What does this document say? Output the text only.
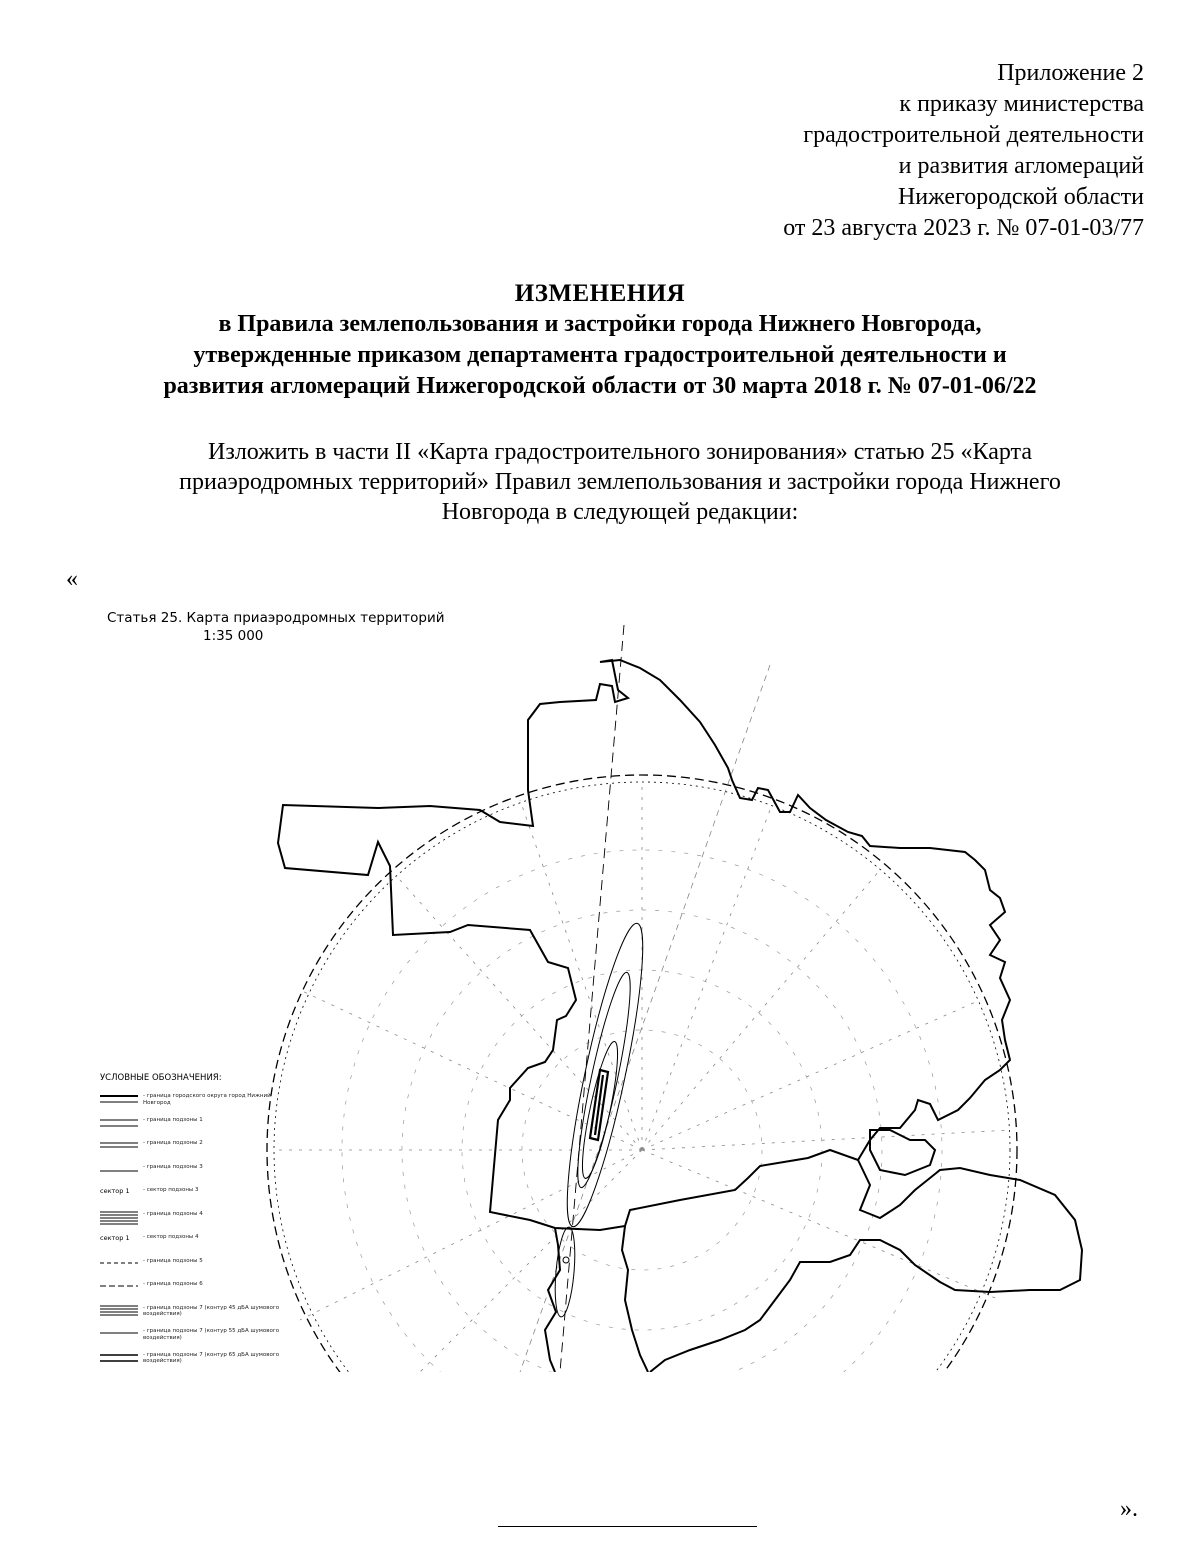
Приложение 2
к приказу министерства
градостроительной деятельности
и развития агломераций
Нижегородской области
от 23 августа 2023 г. № 07-01-03/77
ИЗМЕНЕНИЯ
в Правила землепользования и застройки города Нижнего Новгорода,
утвержденные приказом департамента градостроительной деятельности и
развития агломераций Нижегородской области от 30 марта 2018 г. № 07-01-06/22
Изложить в части II «Карта градостроительного зонирования» статью 25 «Карта
приаэродромных территорий» Правил землепользования и застройки города Нижнего
Новгорода в следующей редакции:
«
Статья 25. Карта приаэродромных территорий
1:35 000
УСЛОВНЫЕ ОБОЗНАЧЕНИЯ:
- граница городского округа город Нижний Новгород
- граница подзоны 1
- граница подзоны 2
- граница подзоны 3
сектор 1	- сектор подзоны 3
- граница подзоны 4
сектор 1	- сектор подзоны 4
- граница подзоны 5
- граница подзоны 6
- граница подзоны 7 (контур 45 дБА шумового воздействия)
- граница подзоны 7 (контур 55 дБА шумового воздействия)
- граница подзоны 7 (контур 65 дБА шумового воздействия)
».
